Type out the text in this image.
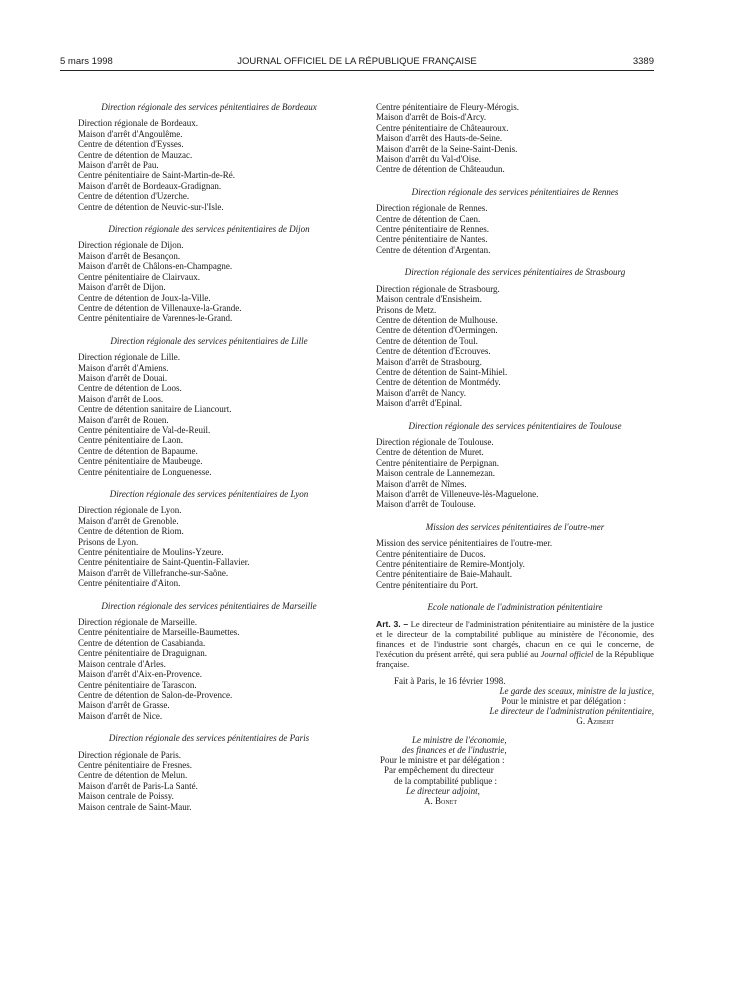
5 mars 1998	JOURNAL OFFICIEL DE LA RÉPUBLIQUE FRANÇAISE	3389
Direction régionale des services pénitentiaires de Bordeaux
Direction régionale de Bordeaux.
Maison d'arrêt d'Angoulême.
Centre de détention d'Eysses.
Centre de détention de Mauzac.
Maison d'arrêt de Pau.
Centre pénitentiaire de Saint-Martin-de-Ré.
Maison d'arrêt de Bordeaux-Gradignan.
Centre de détention d'Uzerche.
Centre de détention de Neuvic-sur-l'Isle.
Direction régionale des services pénitentiaires de Dijon
Direction régionale de Dijon.
Maison d'arrêt de Besançon.
Maison d'arrêt de Châlons-en-Champagne.
Centre pénitentiaire de Clairvaux.
Maison d'arrêt de Dijon.
Centre de détention de Joux-la-Ville.
Centre de détention de Villenauxe-la-Grande.
Centre pénitentiaire de Varennes-le-Grand.
Direction régionale des services pénitentiaires de Lille
Direction régionale de Lille.
Maison d'arrêt d'Amiens.
Maison d'arrêt de Douai.
Centre de détention de Loos.
Maison d'arrêt de Loos.
Centre de détention sanitaire de Liancourt.
Maison d'arrêt de Rouen.
Centre pénitentiaire de Val-de-Reuil.
Centre pénitentiaire de Laon.
Centre de détention de Bapaume.
Centre pénitentiaire de Maubeuge.
Centre pénitentiaire de Longuenesse.
Direction régionale des services pénitentiaires de Lyon
Direction régionale de Lyon.
Maison d'arrêt de Grenoble.
Centre de détention de Riom.
Prisons de Lyon.
Centre pénitentiaire de Moulins-Yzeure.
Centre pénitentiaire de Saint-Quentin-Fallavier.
Maison d'arrêt de Villefranche-sur-Saône.
Centre pénitentiaire d'Aiton.
Direction régionale des services pénitentiaires de Marseille
Direction régionale de Marseille.
Centre pénitentiaire de Marseille-Baumettes.
Centre de détention de Casabianda.
Centre pénitentiaire de Draguignan.
Maison centrale d'Arles.
Maison d'arrêt d'Aix-en-Provence.
Centre pénitentiaire de Tarascon.
Centre de détention de Salon-de-Provence.
Maison d'arrêt de Grasse.
Maison d'arrêt de Nice.
Direction régionale des services pénitentiaires de Paris
Direction régionale de Paris.
Centre pénitentiaire de Fresnes.
Centre de détention de Melun.
Maison d'arrêt de Paris-La Santé.
Maison centrale de Poissy.
Maison centrale de Saint-Maur.
Centre pénitentiaire de Fleury-Mérogis.
Maison d'arrêt de Bois-d'Arcy.
Centre pénitentiaire de Châteauroux.
Maison d'arrêt des Hauts-de-Seine.
Maison d'arrêt de la Seine-Saint-Denis.
Maison d'arrêt du Val-d'Oise.
Centre de détention de Châteaudun.
Direction régionale des services pénitentiaires de Rennes
Direction régionale de Rennes.
Centre de détention de Caen.
Centre pénitentiaire de Rennes.
Centre pénitentiaire de Nantes.
Centre de détention d'Argentan.
Direction régionale des services pénitentiaires de Strasbourg
Direction régionale de Strasbourg.
Maison centrale d'Ensisheim.
Prisons de Metz.
Centre de détention de Mulhouse.
Centre de détention d'Oermingen.
Centre de détention de Toul.
Centre de détention d'Ecrouves.
Maison d'arrêt de Strasbourg.
Centre de détention de Saint-Mihiel.
Centre de détention de Montmédy.
Maison d'arrêt de Nancy.
Maison d'arrêt d'Epinal.
Direction régionale des services pénitentiaires de Toulouse
Direction régionale de Toulouse.
Centre de détention de Muret.
Centre pénitentiaire de Perpignan.
Maison centrale de Lannemezan.
Maison d'arrêt de Nîmes.
Maison d'arrêt de Villeneuve-lès-Maguelone.
Maison d'arrêt de Toulouse.
Mission des services pénitentiaires de l'outre-mer
Mission des service pénitentiaires de l'outre-mer.
Centre pénitentiaire de Ducos.
Centre pénitentiaire de Remire-Montjoly.
Centre pénitentiaire de Baie-Mahault.
Centre pénitentiaire du Port.
Ecole nationale de l'administration pénitentiaire
Art. 3. – Le directeur de l'administration pénitentiaire au ministère de la justice et le directeur de la comptabilité publique au ministère de l'économie, des finances et de l'industrie sont chargés, chacun en ce qui le concerne, de l'exécution du présent arrêté, qui sera publié au Journal officiel de la République française.
Fait à Paris, le 16 février 1998.
Le garde des sceaux, ministre de la justice,
Pour le ministre et par délégation :
Le directeur de l'administration pénitentiaire,
G. Azibert
Le ministre de l'économie,
des finances et de l'industrie,
Pour le ministre et par délégation :
Par empêchement du directeur
de la comptabilité publique :
Le directeur adjoint,
A. Bonet
